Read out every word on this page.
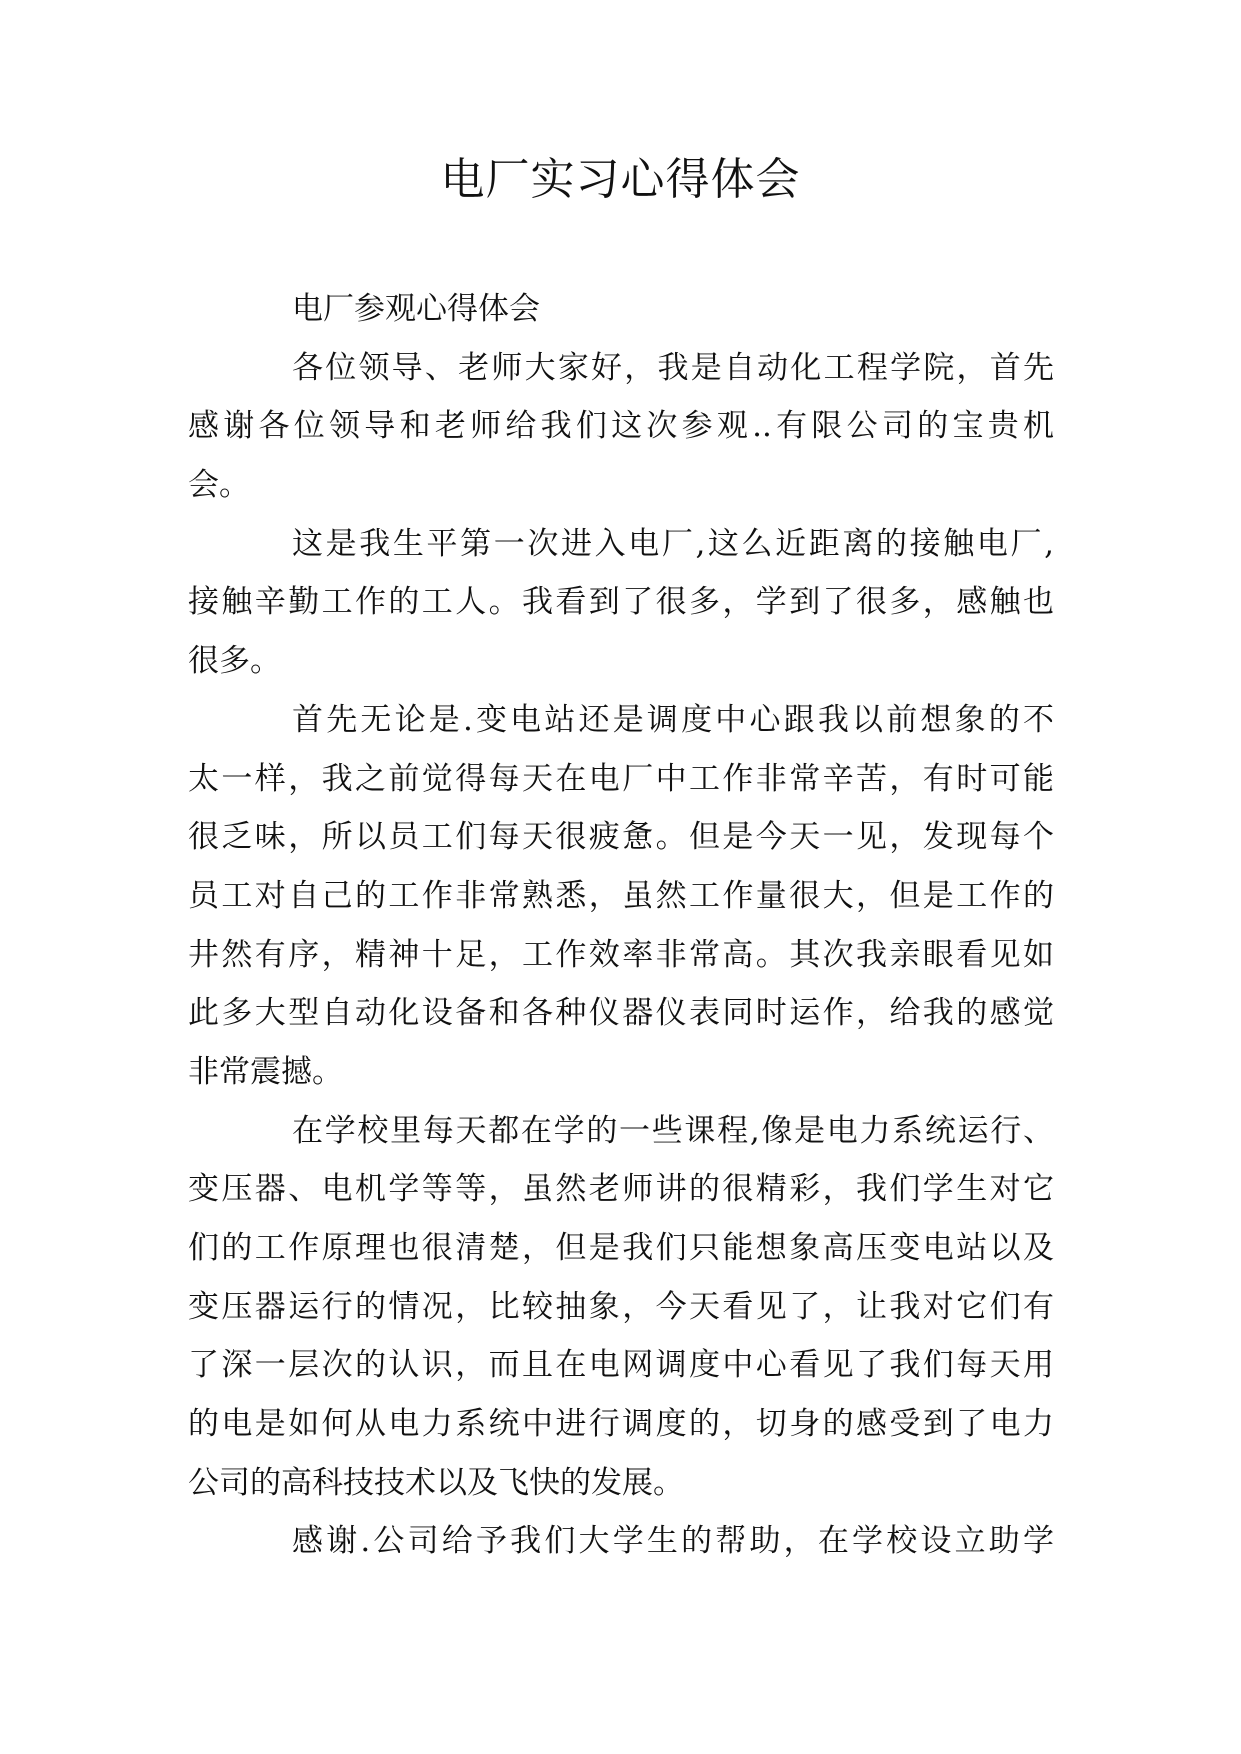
电厂实习心得体会
电厂参观心得体会
各位领导、老师大家好，我是自动化工程学院，首先
感谢各位领导和老师给我们这次参观..有限公司的宝贵机
会。
这是我生平第一次进入电厂,这么近距离的接触电厂,
接触辛勤工作的工人。我看到了很多，学到了很多，感触也
很多。
首先无论是.变电站还是调度中心跟我以前想象的不
太一样，我之前觉得每天在电厂中工作非常辛苦，有时可能
很乏味，所以员工们每天很疲惫。但是今天一见，发现每个
员工对自己的工作非常熟悉，虽然工作量很大，但是工作的
井然有序，精神十足，工作效率非常高。其次我亲眼看见如
此多大型自动化设备和各种仪器仪表同时运作，给我的感觉
非常震撼。
在学校里每天都在学的一些课程,像是电力系统运行、
变压器、电机学等等，虽然老师讲的很精彩，我们学生对它
们的工作原理也很清楚，但是我们只能想象高压变电站以及
变压器运行的情况，比较抽象，今天看见了，让我对它们有
了深一层次的认识，而且在电网调度中心看见了我们每天用
的电是如何从电力系统中进行调度的，切身的感受到了电力
公司的高科技技术以及飞快的发展。
感谢.公司给予我们大学生的帮助，在学校设立助学
